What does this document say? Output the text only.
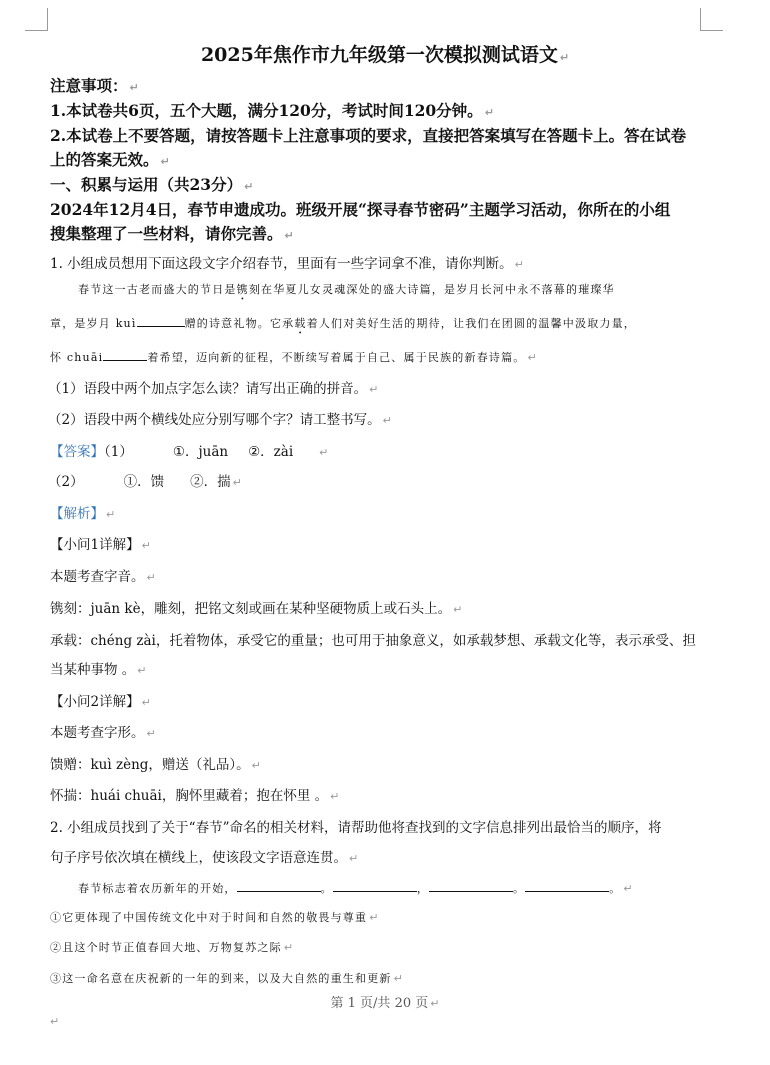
2025年焦作市九年级第一次模拟测试语文 ↵
注意事项： ↵
1.本试卷共6页，五个大题，满分120分，考试时间120分钟。 ↵
2.本试卷上不要答题，请按答题卡上注意事项的要求，直接把答案填写在答题卡上。答在试卷
上的答案无效。 ↵
一、积累与运用（共23分） ↵
2024年12月4日，春节申遗成功。班级开展“探寻春节密码”主题学习活动，你所在的小组
搜集整理了一些材料，请你完善。 ↵
1. 小组成员想用下面这段文字介绍春节，里面有一些字词拿不准，请你判断。 ↵
春节这一古老而盛大的节日是镌刻在华夏儿女灵魂深处的盛大诗篇，是岁月长河中永不落幕的璀璨华
章，是岁月 kuì	赠的诗意礼物。它承载着人们对美好生活的期待，让我们在团圆的温馨中汲取力量，
怀 chuāi	着希望，迈向新的征程，不断续写着属于自己、属于民族的新春诗篇。 ↵
（1）语段中两个加点字怎么读？请写出正确的拼音。 ↵
（2）语段中两个横线处应分别写哪个字？请工整书写。 ↵
【答案】（1）	①．juān ②．zài ↵
（2）	①．馈 ②．揣 ↵
【解析】 ↵
【小问1详解】 ↵
本题考查字音。 ↵
镌刻：juān kè，雕刻，把铭文刻或画在某种坚硬物质上或石头上。 ↵
承载：chéng zài，托着物体，承受它的重量；也可用于抽象意义，如承载梦想、承载文化等，表示承受、担
当某种事物 。 ↵
【小问2详解】 ↵
本题考查字形。 ↵
馈赠：kuì zèng，赠送（礼品）。 ↵
怀揣：huái chuāi，胸怀里藏着；抱在怀里 。 ↵
2. 小组成员找到了关于“春节”命名的相关材料，请帮助他将查找到的文字信息排列出最恰当的顺序，将
句子序号依次填在横线上，使该段文字语意连贯。 ↵
春节标志着农历新年的开始，	。	，	。	。 ↵
①它更体现了中国传统文化中对于时间和自然的敬畏与尊重 ↵
②且这个时节正值春回大地、万物复苏之际 ↵
③这一命名意在庆祝新的一年的到来，以及大自然的重生和更新 ↵
第 1 页/共 20 页 ↵
↵
